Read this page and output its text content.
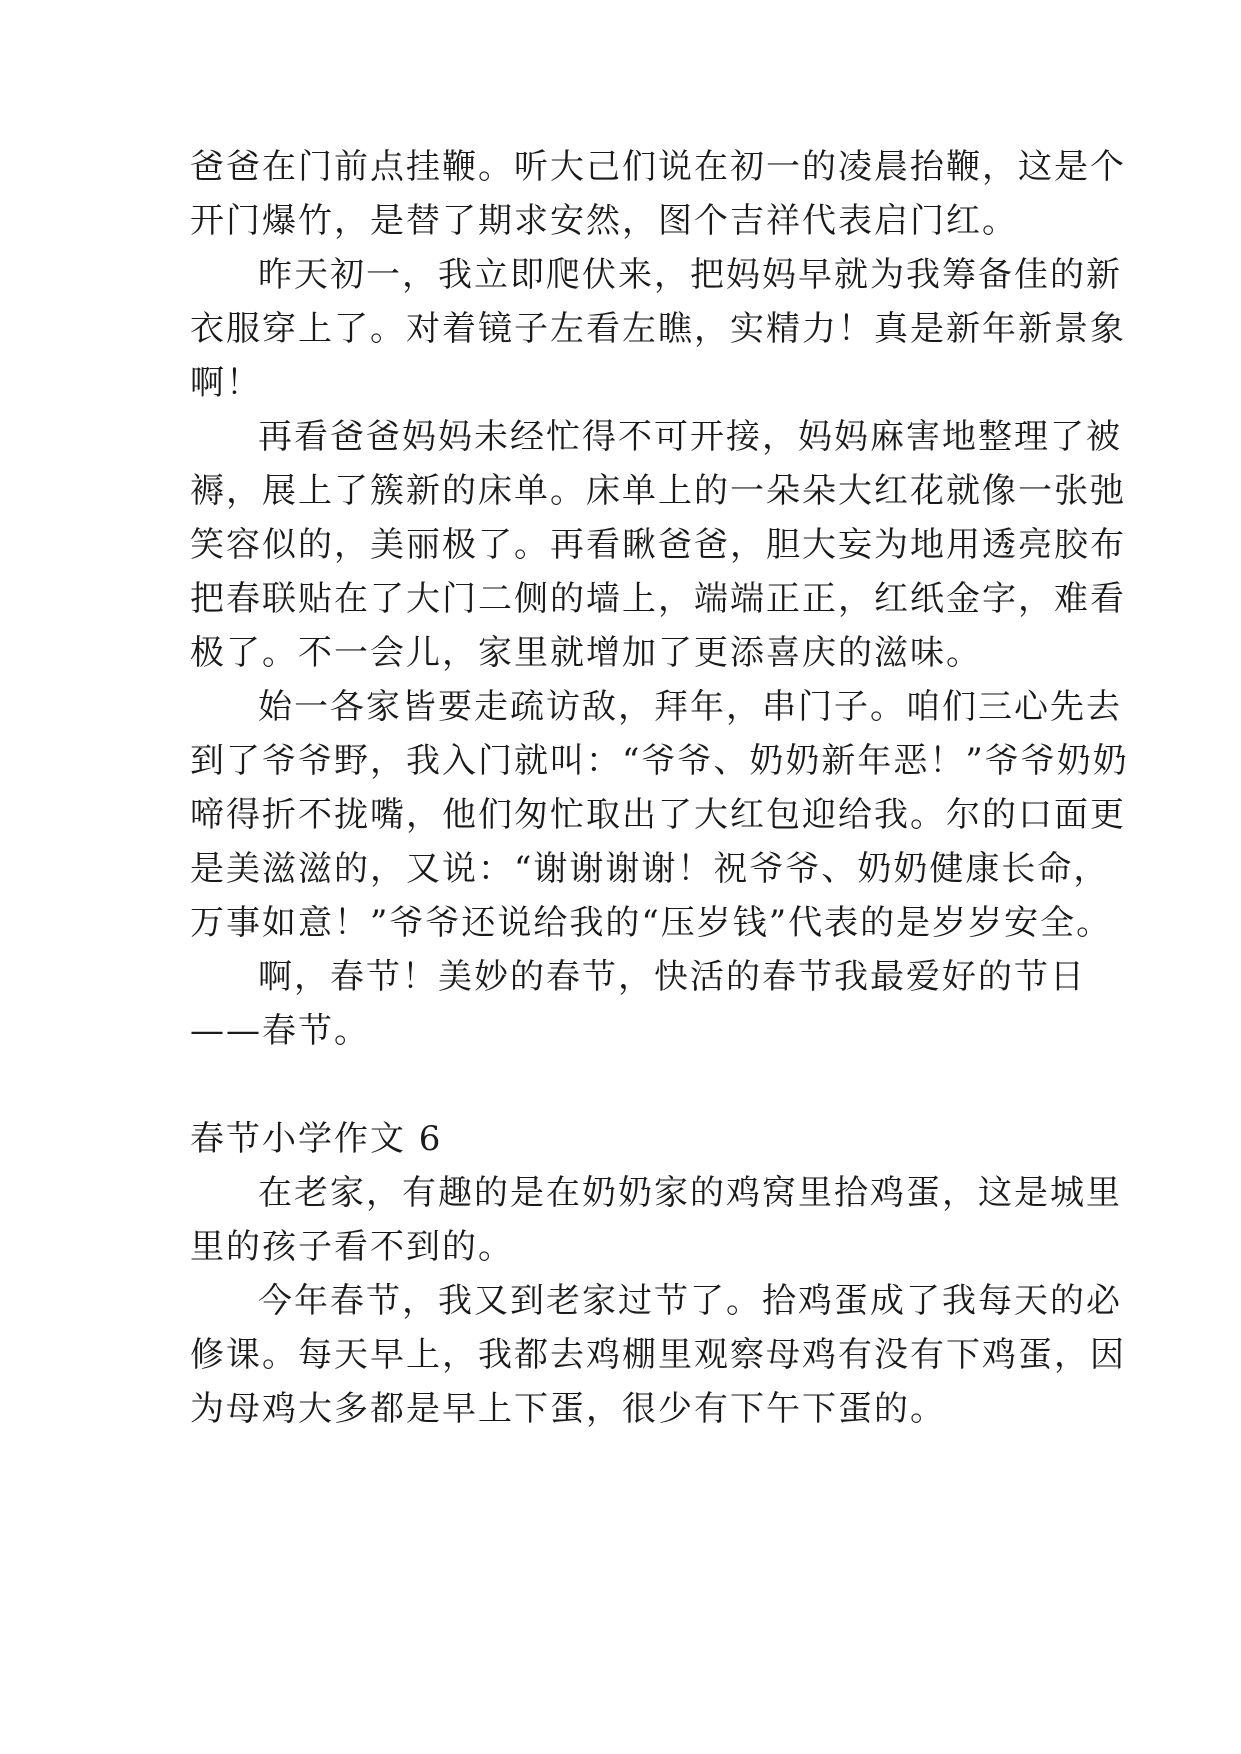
爸爸在门前点挂鞭。听大己们说在初一的凌晨抬鞭，这是个
开门爆竹，是替了期求安然，图个吉祥代表启门红。
昨天初一，我立即爬伏来，把妈妈早就为我筹备佳的新
衣服穿上了。对着镜子左看左瞧，实精力！真是新年新景象
啊！
再看爸爸妈妈未经忙得不可开接，妈妈麻害地整理了被
褥，展上了簇新的床单。床单上的一朵朵大红花就像一张弛
笑容似的，美丽极了。再看瞅爸爸，胆大妄为地用透亮胶布
把春联贴在了大门二侧的墙上，端端正正，红纸金字，难看
极了。不一会儿，家里就增加了更添喜庆的滋味。
始一各家皆要走疏访敌，拜年，串门子。咱们三心先去
到了爷爷野，我入门就叫：“爷爷、奶奶新年恶！”爷爷奶奶
啼得折不拢嘴，他们匆忙取出了大红包迎给我。尔的口面更
是美滋滋的，又说：“谢谢谢谢！祝爷爷、奶奶健康长命，
万事如意！”爷爷还说给我的“压岁钱”代表的是岁岁安全。
啊，春节！美妙的春节，快活的春节我最爱好的节日
——春节。
春节小学作文 6
在老家，有趣的是在奶奶家的鸡窝里拾鸡蛋，这是城里
里的孩子看不到的。
今年春节，我又到老家过节了。拾鸡蛋成了我每天的必
修课。每天早上，我都去鸡棚里观察母鸡有没有下鸡蛋，因
为母鸡大多都是早上下蛋，很少有下午下蛋的。
